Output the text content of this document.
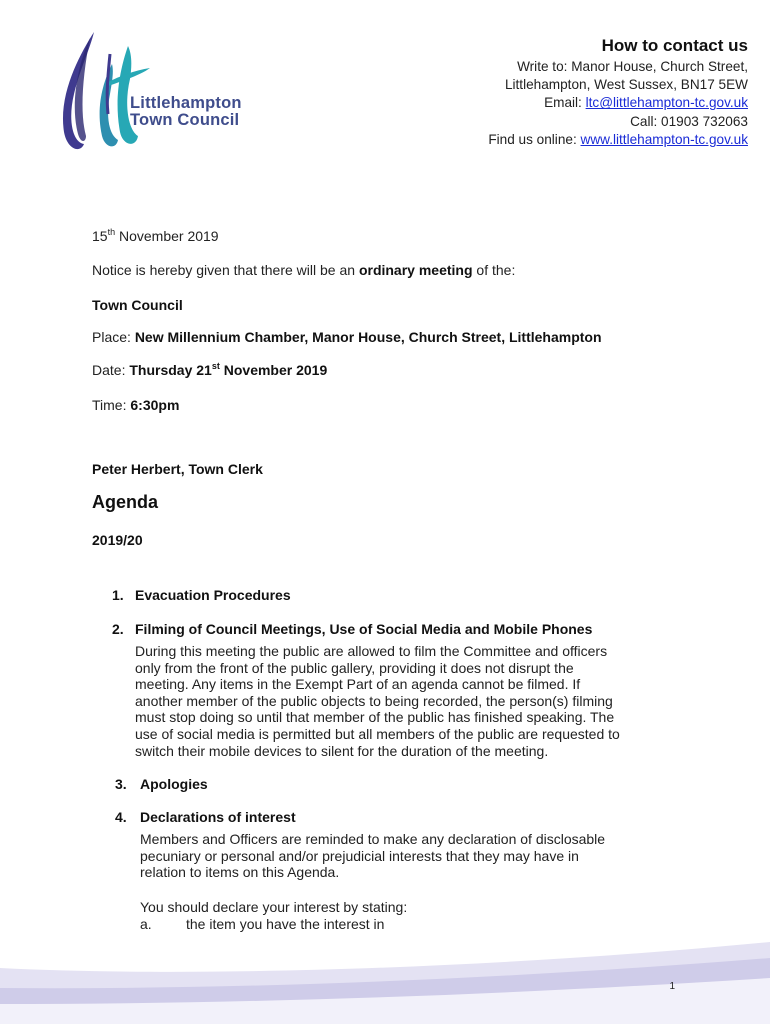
Littlehampton
Town Council
How to contact us
Write to: Manor House, Church Street,
Littlehampton, West Sussex, BN17 5EW
Email: ltc@littlehampton-tc.gov.uk
Call: 01903 732063
Find us online: www.littlehampton-tc.gov.uk
15th November 2019
Notice is hereby given that there will be an ordinary meeting of the:
Town Council
Place: New Millennium Chamber, Manor House, Church Street, Littlehampton
Date: Thursday 21st November 2019
Time: 6:30pm
Peter Herbert, Town Clerk
Agenda
2019/20
1. Evacuation Procedures
2. Filming of Council Meetings, Use of Social Media and Mobile Phones
During this meeting the public are allowed to film the Committee and officers
only from the front of the public gallery, providing it does not disrupt the
meeting. Any items in the Exempt Part of an agenda cannot be filmed. If
another member of the public objects to being recorded, the person(s) filming
must stop doing so until that member of the public has finished speaking. The
use of social media is permitted but all members of the public are requested to
switch their mobile devices to silent for the duration of the meeting.
3. Apologies
4. Declarations of interest
Members and Officers are reminded to make any declaration of disclosable
pecuniary or personal and/or prejudicial interests that they may have in
relation to items on this Agenda.
You should declare your interest by stating:
a. the item you have the interest in
1
